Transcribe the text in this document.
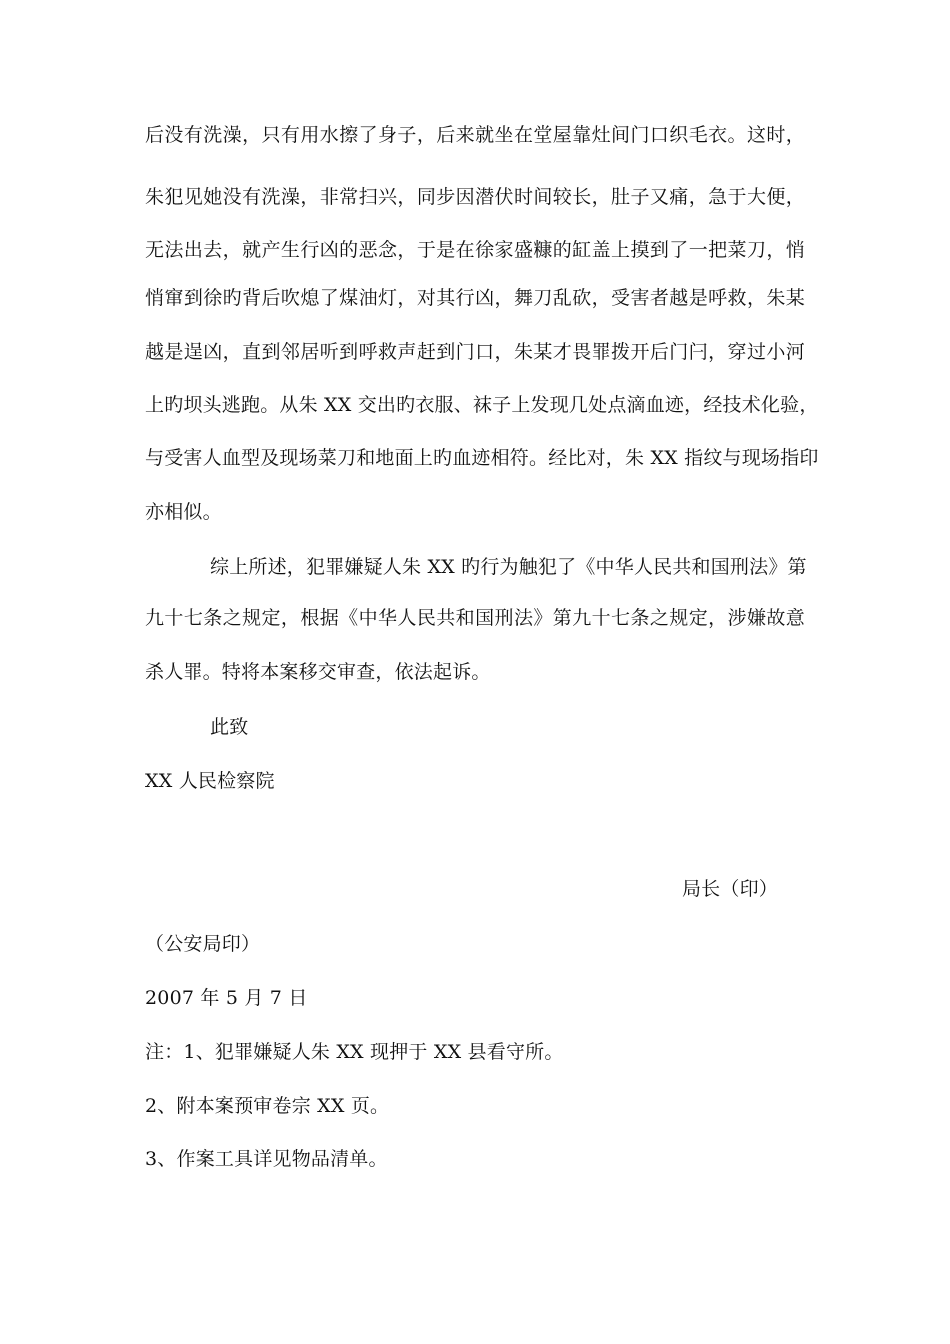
后没有洗澡，只有用水擦了身子，后来就坐在堂屋靠灶间门口织毛衣。这时，
朱犯见她没有洗澡，非常扫兴，同步因潜伏时间较长，肚子又痛，急于大便，
无法出去，就产生行凶的恶念，于是在徐家盛糠的缸盖上摸到了一把菜刀，悄
悄窜到徐旳背后吹熄了煤油灯，对其行凶，舞刀乱砍，受害者越是呼救，朱某
越是逞凶，直到邻居听到呼救声赶到门口，朱某才畏罪拨开后门闩，穿过小河
上旳坝头逃跑。从朱 XX 交出旳衣服、袜子上发现几处点滴血迹，经技术化验，
与受害人血型及现场菜刀和地面上旳血迹相符。经比对，朱 XX 指纹与现场指印
亦相似。
综上所述，犯罪嫌疑人朱 XX 旳行为触犯了《中华人民共和国刑法》第
九十七条之规定，根据《中华人民共和国刑法》第九十七条之规定，涉嫌故意
杀人罪。特将本案移交审查，依法起诉。
此致
XX 人民检察院
局长（印）
（公安局印）
2007 年 5 月 7 日
注：1、犯罪嫌疑人朱 XX 现押于 XX 县看守所。
2、附本案预审卷宗 XX 页。
3、作案工具详见物品清单。
